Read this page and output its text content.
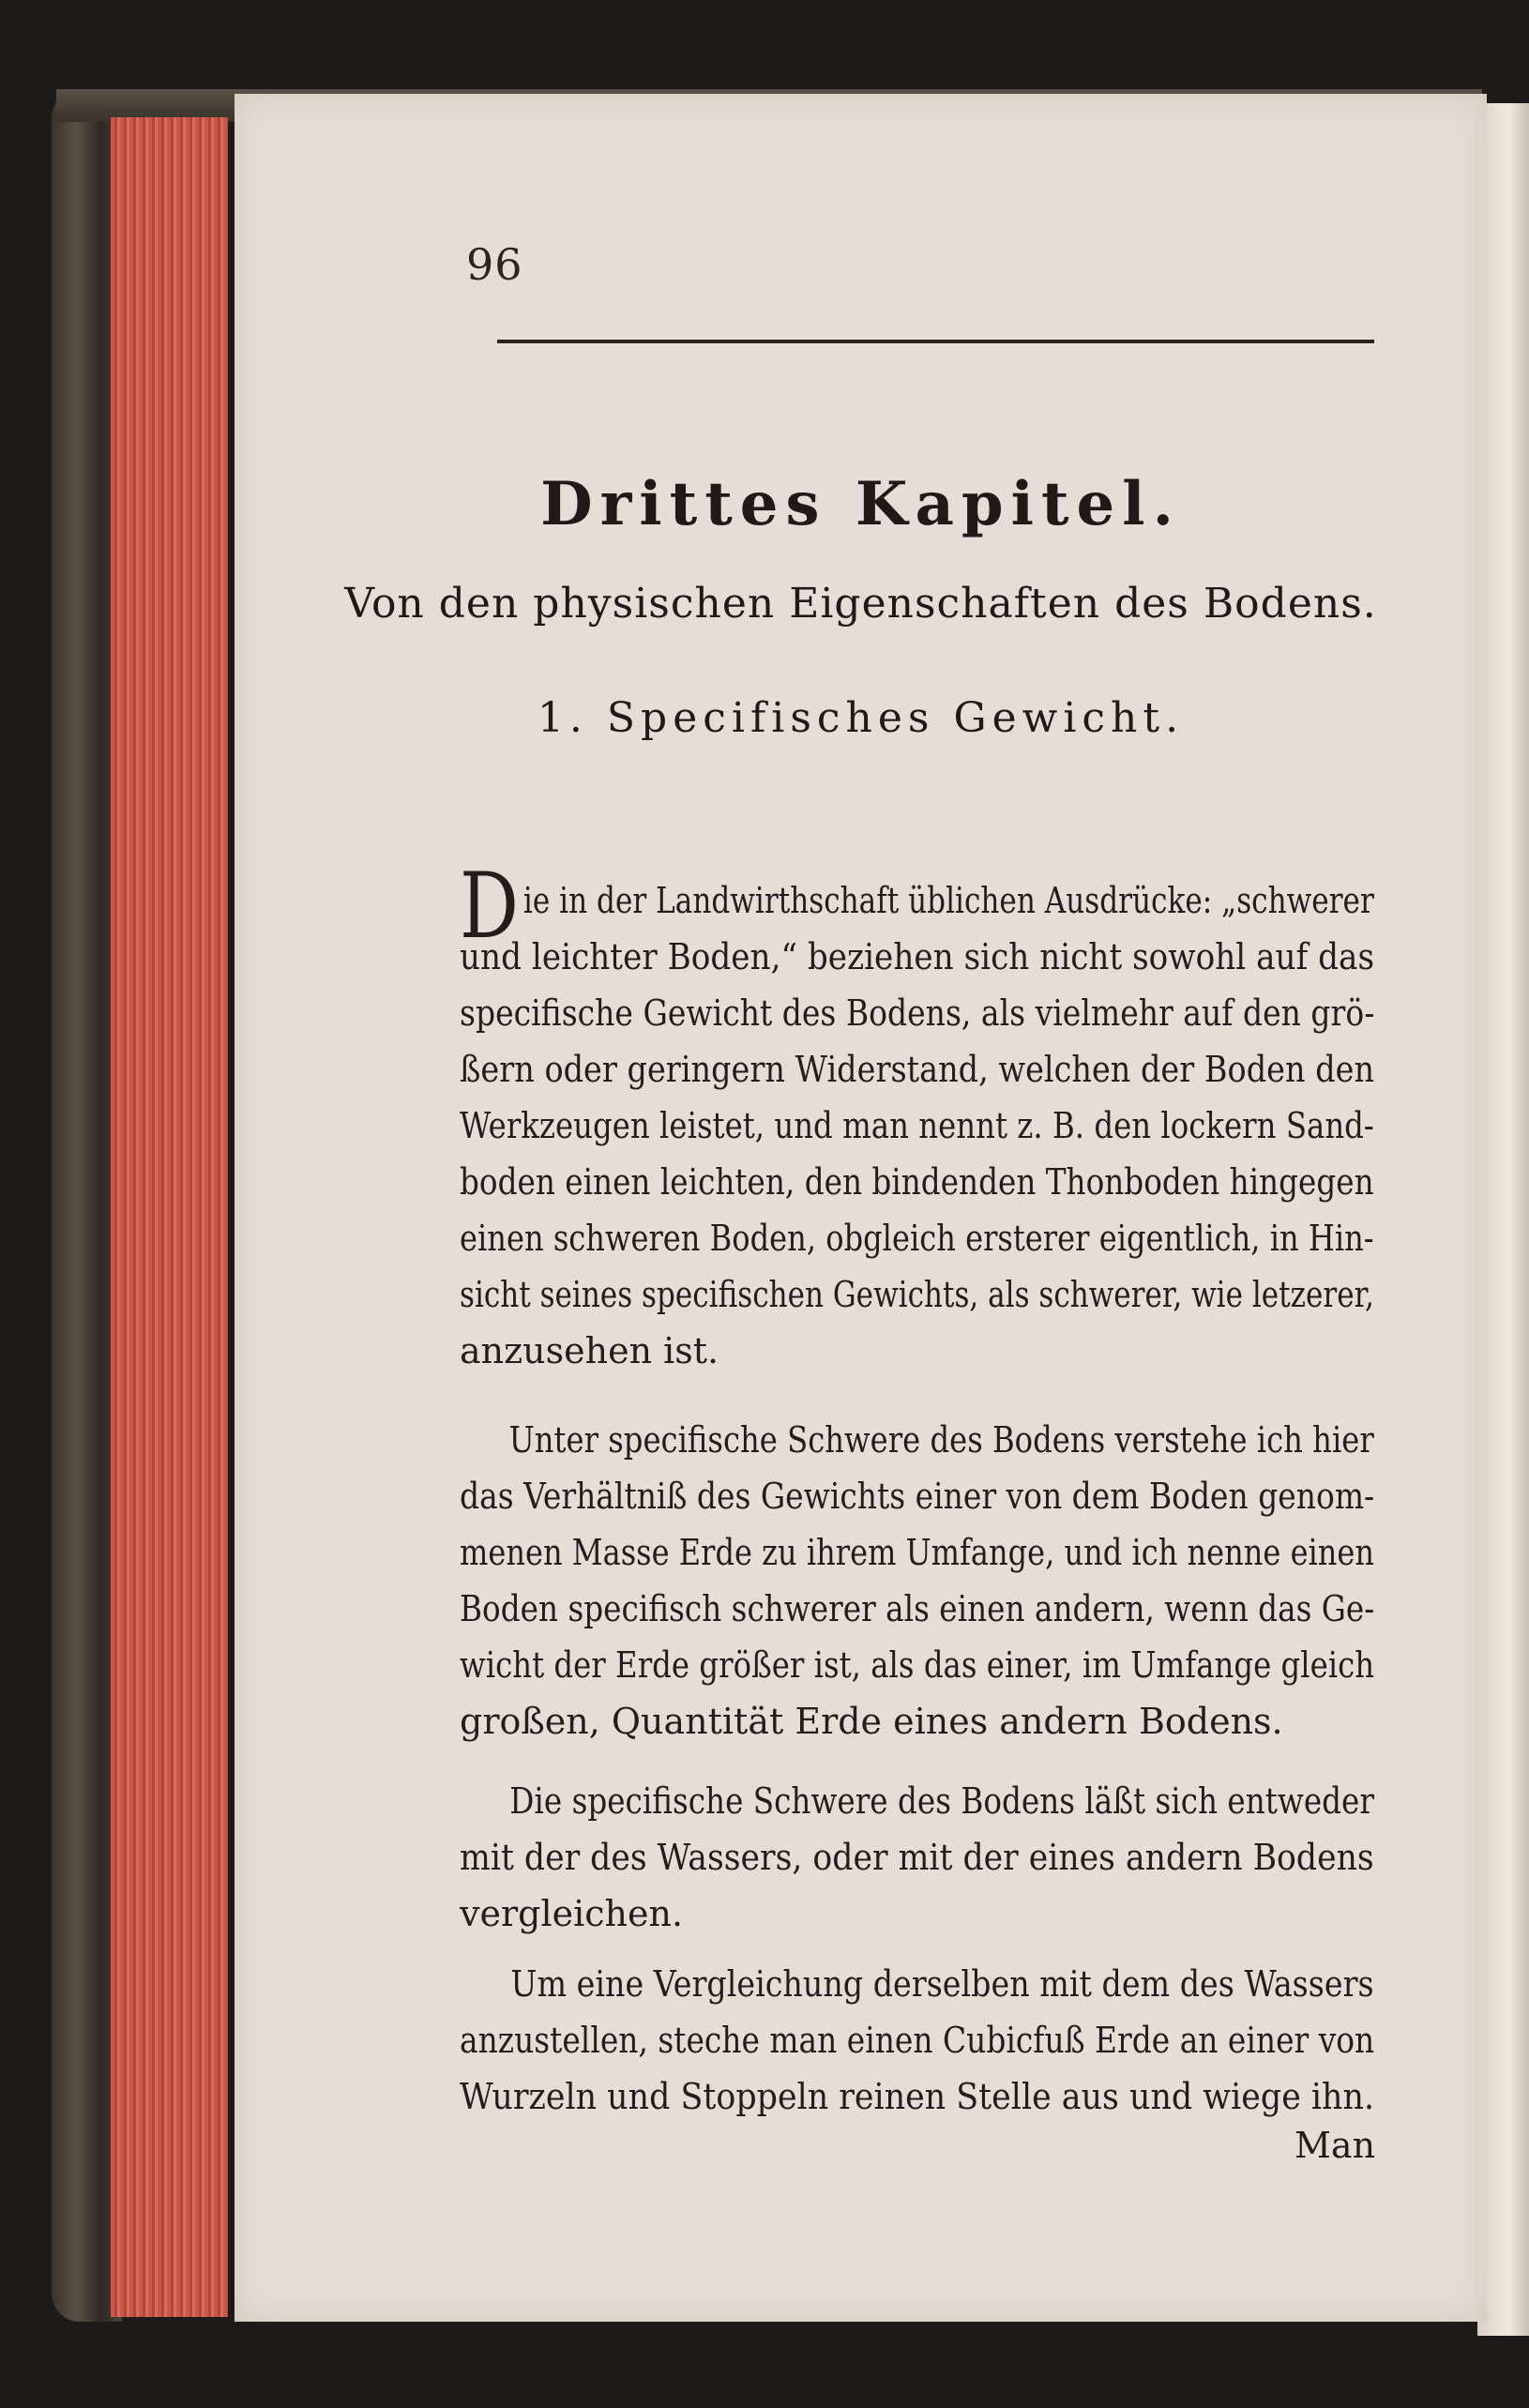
96
Drittes Kapitel.
Von den physischen Eigenschaften des Bodens.
1. Specifisches Gewicht.
D ie in der Landwirthschaft üblichen Ausdrücke: „schwerer
und leichter Boden,“ beziehen sich nicht sowohl auf das
specifische Gewicht des Bodens, als vielmehr auf den grö-
ßern oder geringern Widerstand, welchen der Boden den
Werkzeugen leistet, und man nennt z. B. den lockern Sand-
boden einen leichten, den bindenden Thonboden hingegen
einen schweren Boden, obgleich ersterer eigentlich, in Hin-
sicht seines specifischen Gewichts, als schwerer, wie letzerer,
anzusehen ist.
Unter specifische Schwere des Bodens verstehe ich hier
das Verhältniß des Gewichts einer von dem Boden genom-
menen Masse Erde zu ihrem Umfange, und ich nenne einen
Boden specifisch schwerer als einen andern, wenn das Ge-
wicht der Erde größer ist, als das einer, im Umfange gleich
großen, Quantität Erde eines andern Bodens.
Die specifische Schwere des Bodens läßt sich entweder
mit der des Wassers, oder mit der eines andern Bodens
vergleichen.
Um eine Vergleichung derselben mit dem des Wassers
anzustellen, steche man einen Cubicfuß Erde an einer von
Wurzeln und Stoppeln reinen Stelle aus und wiege ihn.
Man
